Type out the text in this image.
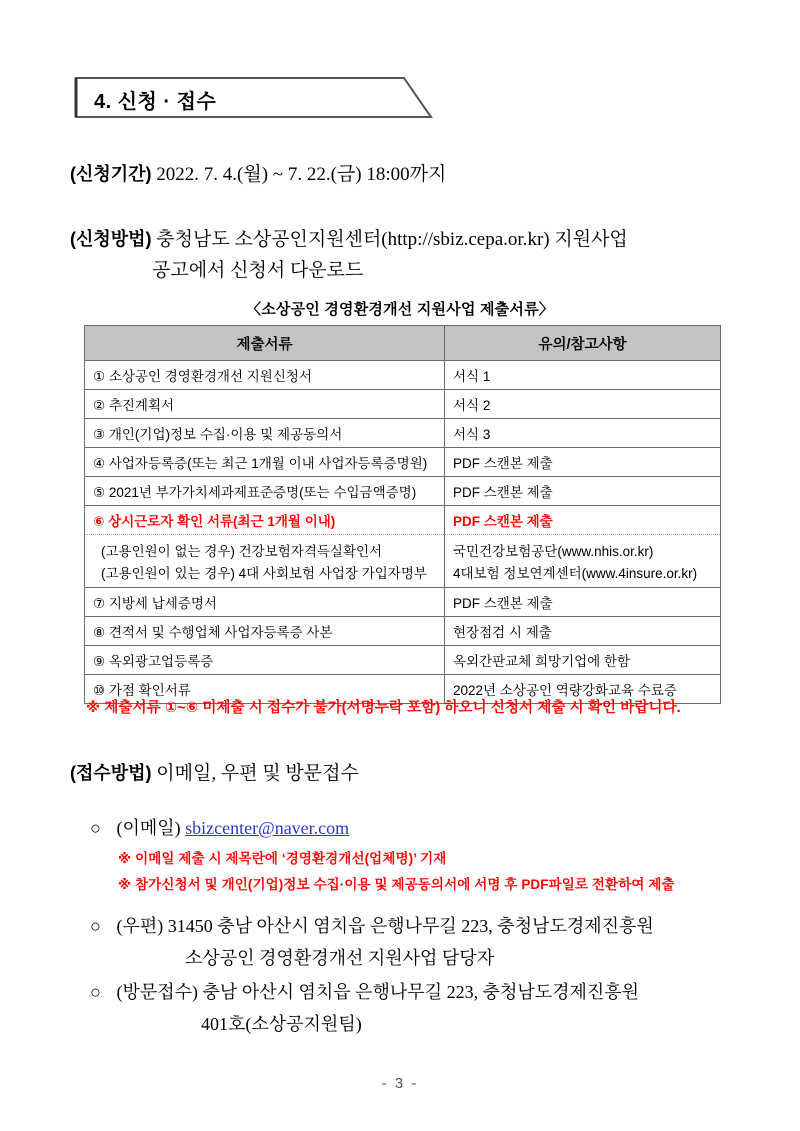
4. 신청 · 접수
(신청기간) 2022. 7. 4.(월) ~ 7. 22.(금) 18:00까지
(신청방법) 충청남도 소상공인지원센터(http://sbiz.cepa.or.kr) 지원사업
공고에서 신청서 다운로드
〈소상공인 경영환경개선 지원사업 제출서류〉
제출서류	유의/참고사항
① 소상공인 경영환경개선 지원신청서	서식 1
② 추진계획서	서식 2
③ 개인(기업)정보 수집·이용 및 제공동의서	서식 3
④ 사업자등록증(또는 최근 1개월 이내 사업자등록증명원)	PDF 스캔본 제출
⑤ 2021년 부가가치세과제표준증명(또는 수입금액증명)	PDF 스캔본 제출
⑥ 상시근로자 확인 서류(최근 1개월 이내)	PDF 스캔본 제출
(고용인원이 없는 경우) 건강보험자격득실확인서	국민건강보험공단(www.nhis.or.kr)
(고용인원이 있는 경우) 4대 사회보험 사업장 가입자명부	4대보험 정보연계센터(www.4insure.or.kr)
⑦ 지방세 납세증명서	PDF 스캔본 제출
⑧ 견적서 및 수행업체 사업자등록증 사본	현장점검 시 제출
⑨ 옥외광고업등록증	옥외간판교체 희망기업에 한함
⑩ 가점 확인서류	2022년 소상공인 역량강화교육 수료증
※ 제출서류 ①~⑥ 미제출 시 접수가 불가(서명누락 포함) 하오니 신청서 제출 시 확인 바랍니다.
(접수방법) 이메일, 우편 및 방문접수
○ (이메일) sbizcenter@naver.com
※ 이메일 제출 시 제목란에 ‘경영환경개선(업체명)’ 기재
※ 참가신청서 및 개인(기업)정보 수집·이용 및 제공동의서에 서명 후 PDF파일로 전환하여 제출
○ (우편) 31450 충남 아산시 염치읍 은행나무길 223, 충청남도경제진흥원
소상공인 경영환경개선 지원사업 담당자
○ (방문접수) 충남 아산시 염치읍 은행나무길 223, 충청남도경제진흥원
401호(소상공지원팀)
- 3 -
